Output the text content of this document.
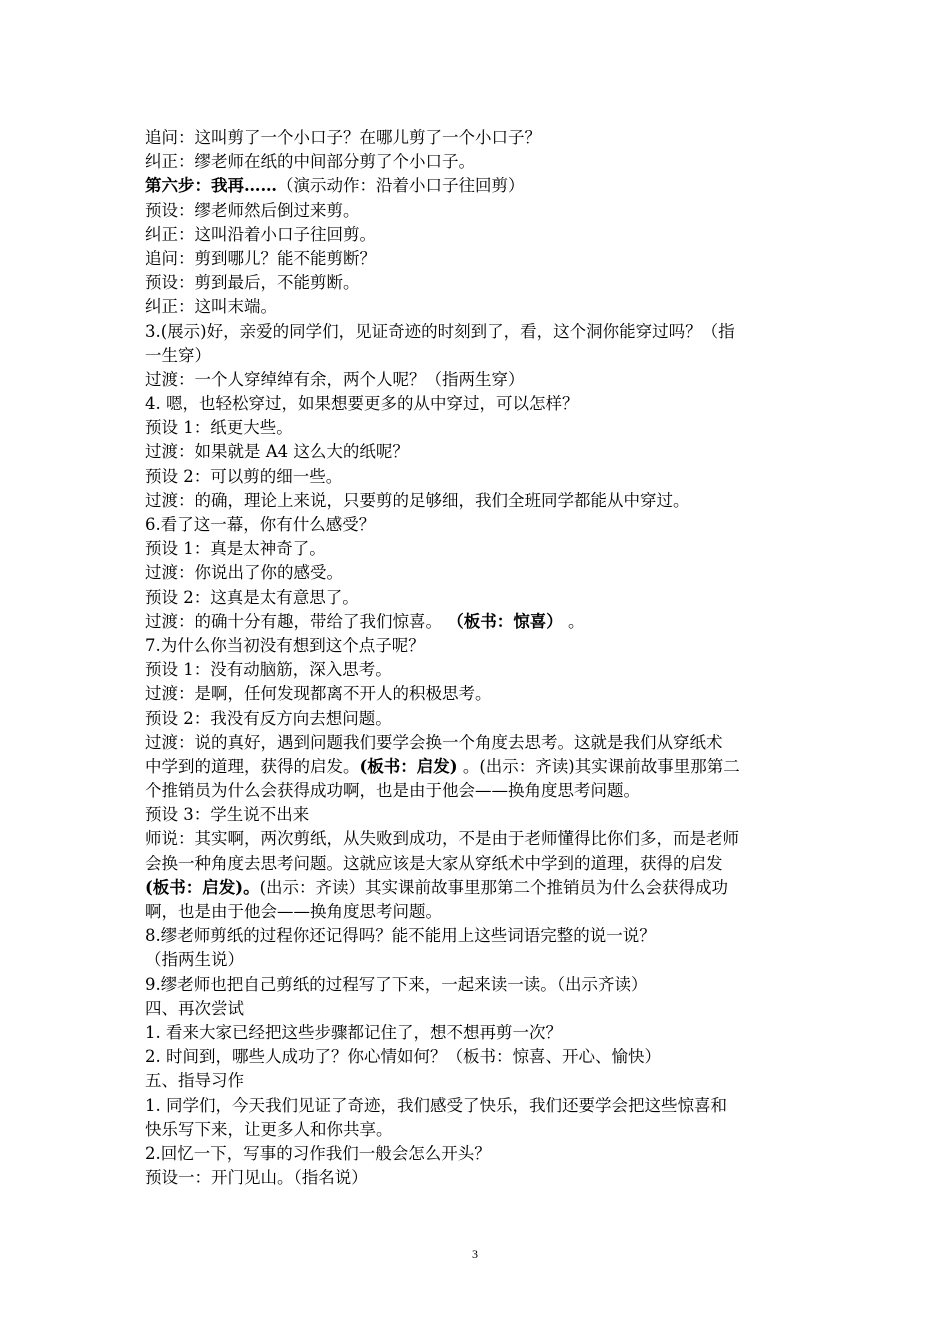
追问：这叫剪了一个小口子？在哪儿剪了一个小口子？
纠正：缪老师在纸的中间部分剪了个小口子。
第六步：我再……（演示动作：沿着小口子往回剪）
预设：缪老师然后倒过来剪。
纠正：这叫沿着小口子往回剪。
追问：剪到哪儿？能不能剪断？
预设：剪到最后，不能剪断。
纠正：这叫末端。
3.(展示)好，亲爱的同学们，见证奇迹的时刻到了，看，这个洞你能穿过吗？（指
一生穿）
过渡：一个人穿绰绰有余，两个人呢？（指两生穿）
4. 嗯，也轻松穿过，如果想要更多的从中穿过，可以怎样？
预设 1：纸更大些。
过渡：如果就是 A4 这么大的纸呢？
预设 2：可以剪的细一些。
过渡：的确，理论上来说，只要剪的足够细，我们全班同学都能从中穿过。
6.看了这一幕，你有什么感受？
预设 1：真是太神奇了。
过渡：你说出了你的感受。
预设 2：这真是太有意思了。
过渡：的确十分有趣，带给了我们惊喜。 （板书：惊喜） 。
7.为什么你当初没有想到这个点子呢？
预设 1：没有动脑筋，深入思考。
过渡：是啊，任何发现都离不开人的积极思考。
预设 2：我没有反方向去想问题。
过渡：说的真好，遇到问题我们要学会换一个角度去思考。这就是我们从穿纸术
中学到的道理，获得的启发。(板书：启发) 。(出示：齐读)其实课前故事里那第二
个推销员为什么会获得成功啊，也是由于他会——换角度思考问题。
预设 3：学生说不出来
师说：其实啊，两次剪纸，从失败到成功，不是由于老师懂得比你们多，而是老师
会换一种角度去思考问题。这就应该是大家从穿纸术中学到的道理，获得的启发
(板书：启发)。(出示：齐读）其实课前故事里那第二个推销员为什么会获得成功
啊，也是由于他会——换角度思考问题。
8.缪老师剪纸的过程你还记得吗？能不能用上这些词语完整的说一说？
（指两生说）
9.缪老师也把自己剪纸的过程写了下来，一起来读一读。（出示齐读）
四、再次尝试
1. 看来大家已经把这些步骤都记住了，想不想再剪一次？
2. 时间到，哪些人成功了？你心情如何？（板书：惊喜、开心、愉快）
五、指导习作
1. 同学们，今天我们见证了奇迹，我们感受了快乐，我们还要学会把这些惊喜和
快乐写下来，让更多人和你共享。
2.回忆一下，写事的习作我们一般会怎么开头？
预设一：开门见山。（指名说）
3
